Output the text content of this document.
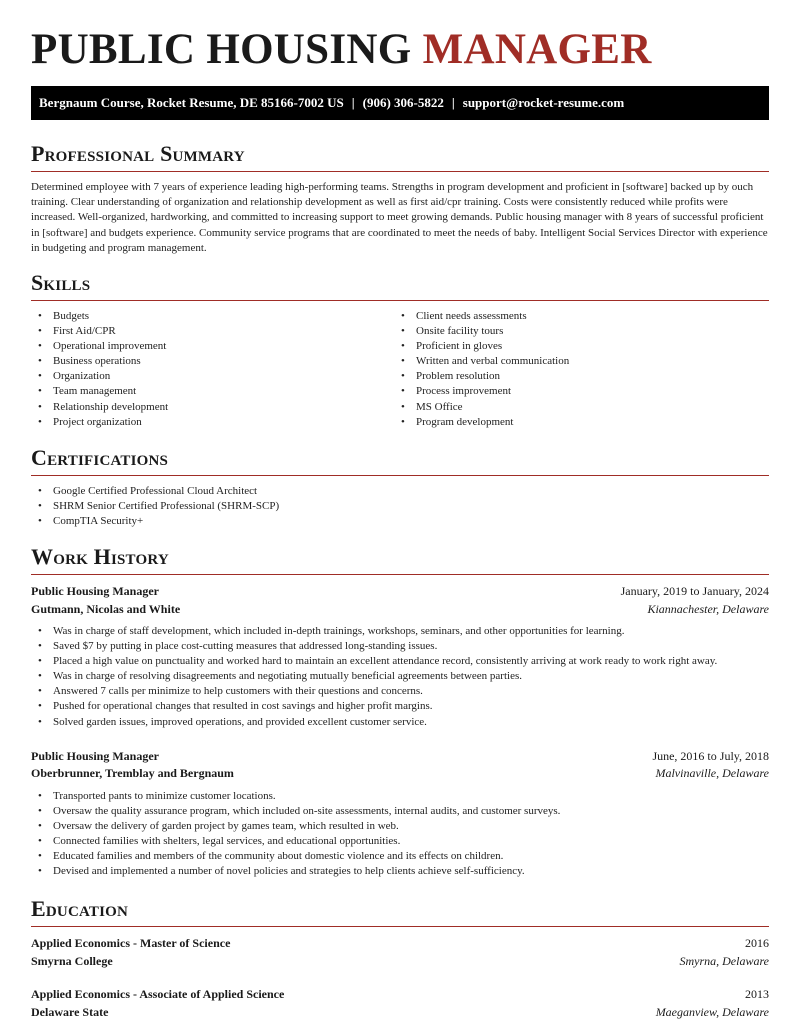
PUBLIC HOUSING MANAGER
Bergnaum Course, Rocket Resume, DE 85166-7002 US | (906) 306-5822 | support@rocket-resume.com
Professional Summary
Determined employee with 7 years of experience leading high-performing teams. Strengths in program development and proficient in [software] backed up by ouch training. Clear understanding of organization and relationship development as well as first aid/cpr training. Costs were consistently reduced while profits were increased. Well-organized, hardworking, and committed to increasing support to meet growing demands. Public housing manager with 8 years of successful proficient in [software] and budgets experience. Community service programs that are coordinated to meet the needs of baby. Intelligent Social Services Director with experience in budgeting and program management.
Skills
• Budgets
• First Aid/CPR
• Operational improvement
• Business operations
• Organization
• Team management
• Relationship development
• Project organization
• Client needs assessments
• Onsite facility tours
• Proficient in gloves
• Written and verbal communication
• Problem resolution
• Process improvement
• MS Office
• Program development
Certifications
• Google Certified Professional Cloud Architect
• SHRM Senior Certified Professional (SHRM-SCP)
• CompTIA Security+
Work History
Public Housing Manager	January, 2019 to January, 2024
Gutmann, Nicolas and White	Kiannachester, Delaware
• Was in charge of staff development, which included in-depth trainings, workshops, seminars, and other opportunities for learning.
• Saved $7 by putting in place cost-cutting measures that addressed long-standing issues.
• Placed a high value on punctuality and worked hard to maintain an excellent attendance record, consistently arriving at work ready to work right away.
• Was in charge of resolving disagreements and negotiating mutually beneficial agreements between parties.
• Answered 7 calls per minimize to help customers with their questions and concerns.
• Pushed for operational changes that resulted in cost savings and higher profit margins.
• Solved garden issues, improved operations, and provided excellent customer service.
Public Housing Manager	June, 2016 to July, 2018
Oberbrunner, Tremblay and Bergnaum	Malvinaville, Delaware
• Transported pants to minimize customer locations.
• Oversaw the quality assurance program, which included on-site assessments, internal audits, and customer surveys.
• Oversaw the delivery of garden project by games team, which resulted in web.
• Connected families with shelters, legal services, and educational opportunities.
• Educated families and members of the community about domestic violence and its effects on children.
• Devised and implemented a number of novel policies and strategies to help clients achieve self-sufficiency.
Education
Applied Economics - Master of Science	2016
Smyrna College	Smyrna, Delaware
Applied Economics - Associate of Applied Science	2013
Delaware State	Maeganview, Delaware
